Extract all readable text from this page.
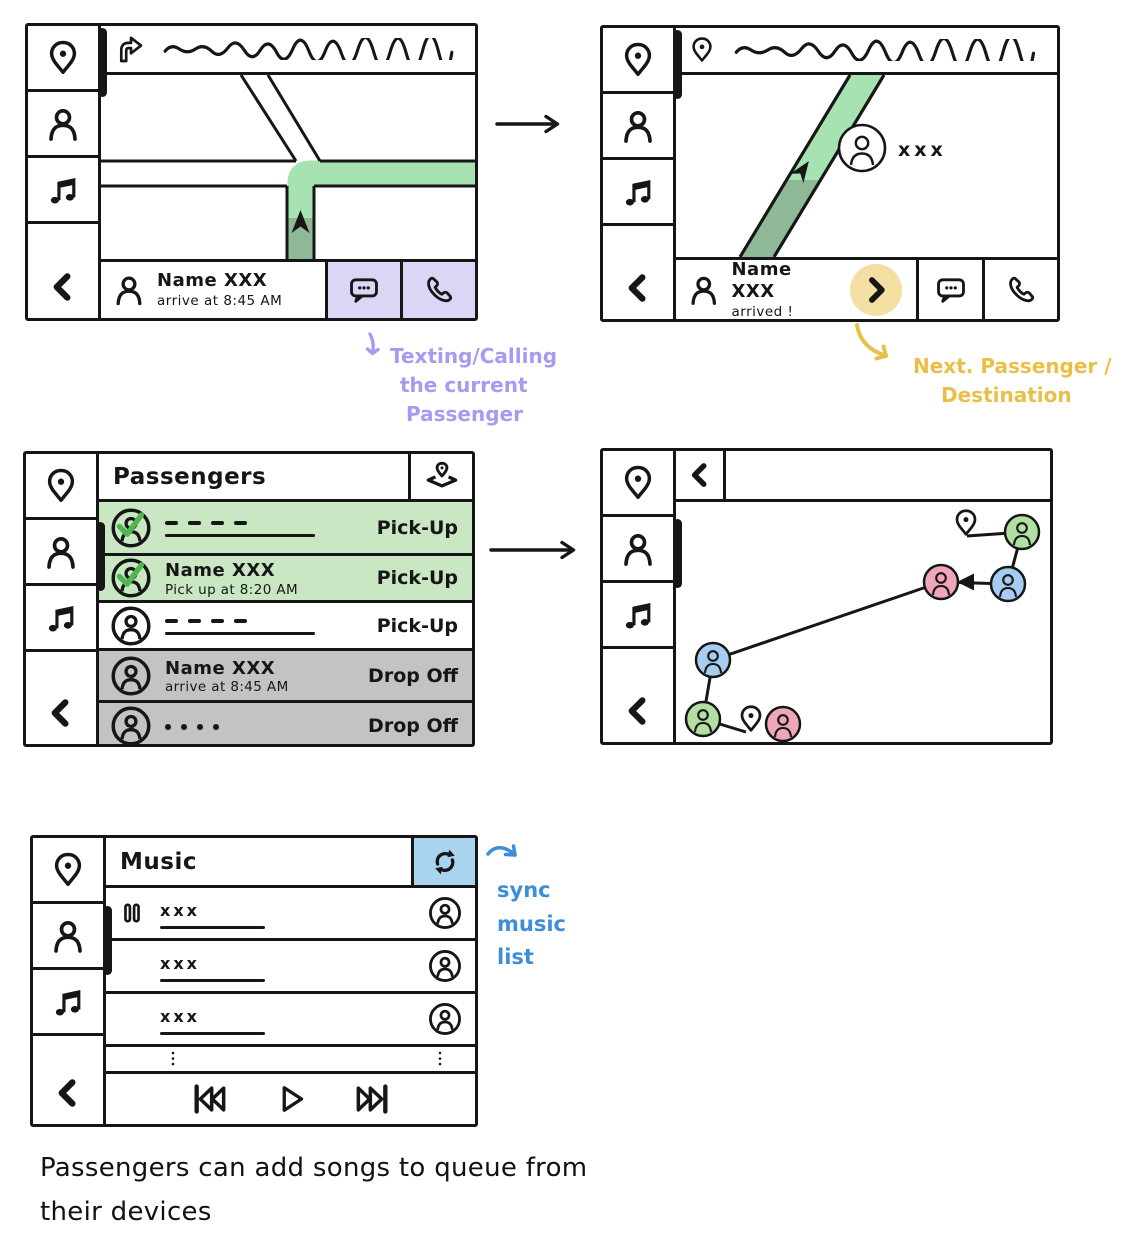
Name XXX
arrive at 8:45 AM
xxx
Name XXX
arrived !
Texting/Calling
the current
Passenger
Next. Passenger /
Destination
Passengers
Pick-Up
Name XXX
Pick up at 8:20 AM
Pick-Up
Pick-Up
Name XXX
arrive at 8:45 AM
Drop Off
Drop Off
Music
xxx
xxx
xxx
sync
music
list
Passengers can add songs to queue from
their devices
